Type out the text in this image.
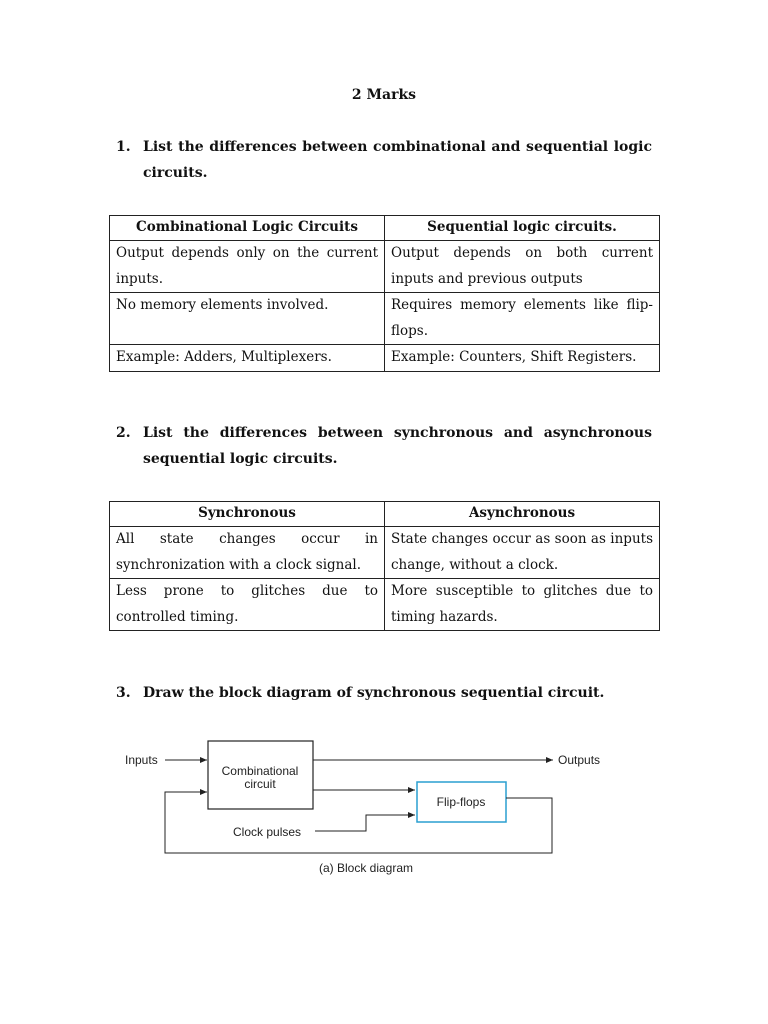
2 Marks
1. List the differences between combinational and sequential logic circuits.
Combinational Logic Circuits	Sequential logic circuits.
Output depends only on the current inputs.	Output depends on both current inputs and previous outputs
No memory elements involved.	Requires memory elements like flip-flops.
Example: Adders, Multiplexers.	Example: Counters, Shift Registers.
2. List the differences between synchronous and asynchronous sequential logic circuits.
Synchronous	Asynchronous
All state changes occur in synchronization with a clock signal.	State changes occur as soon as inputs change, without a clock.
Less prone to glitches due to controlled timing.	More susceptible to glitches due to timing hazards.
3. Draw the block diagram of synchronous sequential circuit.
Inputs
Combinational
circuit
Outputs
Flip-flops
Clock pulses
(a) Block diagram
